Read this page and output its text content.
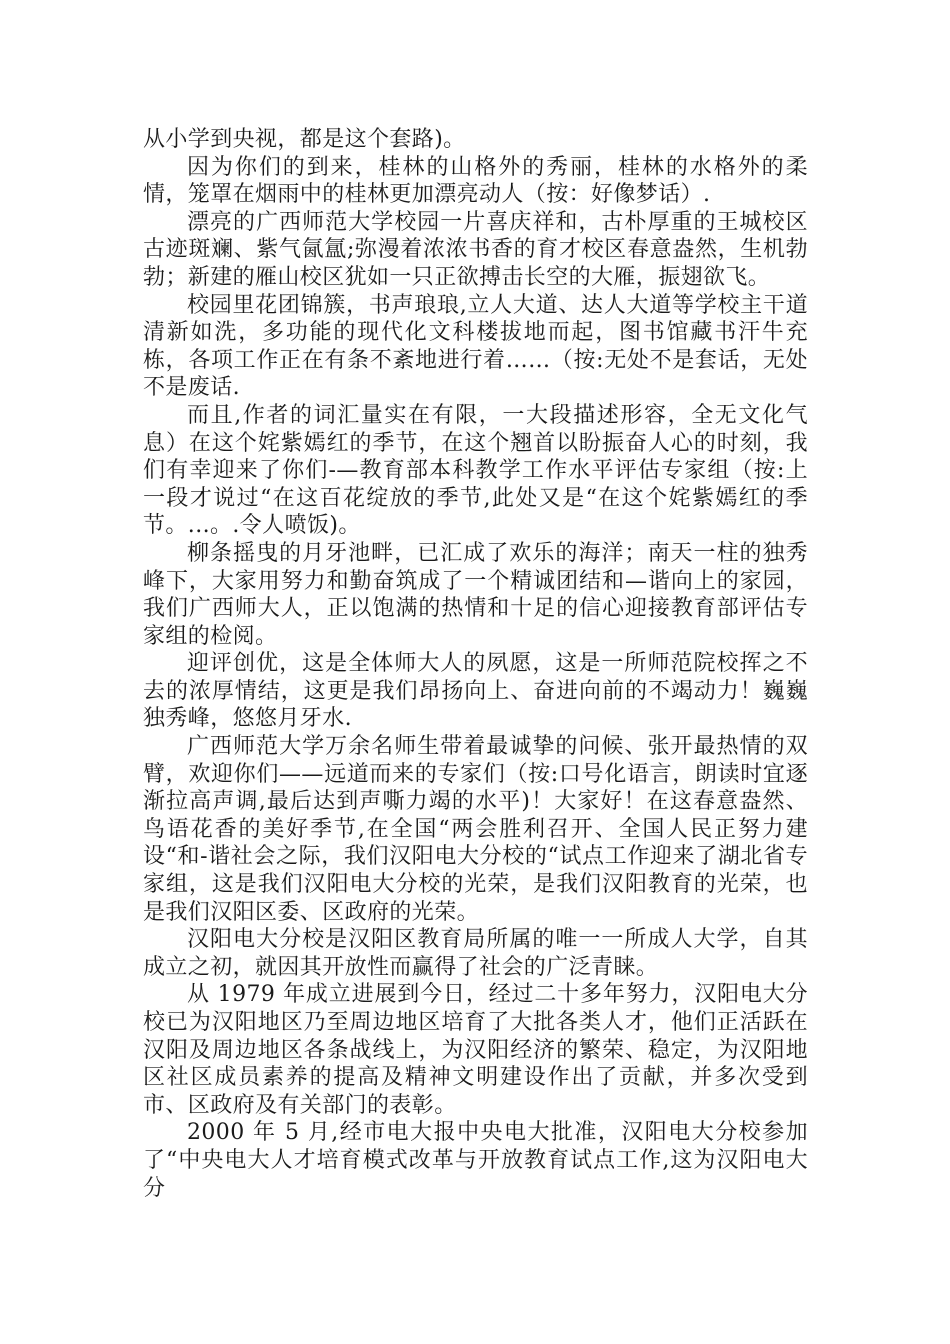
从小学到央视，都是这个套路)。

因为你们的到来，桂林的山格外的秀丽，桂林的水格外的柔情，笼罩在烟雨中的桂林更加漂亮动人（按：好像梦话）.

漂亮的广西师范大学校园一片喜庆祥和，古朴厚重的王城校区古迹斑斓、紫气氤氲;弥漫着浓浓书香的育才校区春意盎然，生机勃勃；新建的雁山校区犹如一只正欲搏击长空的大雁，振翅欲飞。

校园里花团锦簇，书声琅琅,立人大道、达人大道等学校主干道清新如洗，多功能的现代化文科楼拔地而起，图书馆藏书汗牛充栋，各项工作正在有条不紊地进行着……（按:无处不是套话，无处不是废话.

而且,作者的词汇量实在有限，一大段描述形容，全无文化气息）在这个姹紫嫣红的季节，在这个翘首以盼振奋人心的时刻，我们有幸迎来了你们-—教育部本科教学工作水平评估专家组（按:上一段才说过“在这百花绽放的季节,此处又是“在这个姹紫嫣红的季节。...。.令人喷饭)。

柳条摇曳的月牙池畔，已汇成了欢乐的海洋；南天一柱的独秀峰下，大家用努力和勤奋筑成了一个精诚团结和—谐向上的家园，我们广西师大人，正以饱满的热情和十足的信心迎接教育部评估专家组的检阅。

迎评创优，这是全体师大人的夙愿，这是一所师范院校挥之不去的浓厚情结，这更是我们昂扬向上、奋进向前的不竭动力！巍巍独秀峰，悠悠月牙水.

广西师范大学万余名师生带着最诚挚的问候、张开最热情的双臂，欢迎你们——远道而来的专家们（按:口号化语言，朗读时宜逐渐拉高声调,最后达到声嘶力竭的水平)！大家好！在这春意盎然、鸟语花香的美好季节,在全国“两会胜利召开、全国人民正努力建设“和-谐社会之际，我们汉阳电大分校的“试点工作迎来了湖北省专家组，这是我们汉阳电大分校的光荣，是我们汉阳教育的光荣，也是我们汉阳区委、区政府的光荣。

汉阳电大分校是汉阳区教育局所属的唯一一所成人大学，自其成立之初，就因其开放性而赢得了社会的广泛青睐。

从 1979 年成立进展到今日，经过二十多年努力，汉阳电大分校已为汉阳地区乃至周边地区培育了大批各类人才，他们正活跃在汉阳及周边地区各条战线上，为汉阳经济的繁荣、稳定，为汉阳地区社区成员素养的提高及精神文明建设作出了贡献，并多次受到市、区政府及有关部门的表彰。

2000 年 5 月,经市电大报中央电大批准，汉阳电大分校参加了“中央电大人才培育模式改革与开放教育试点工作,这为汉阳电大分
